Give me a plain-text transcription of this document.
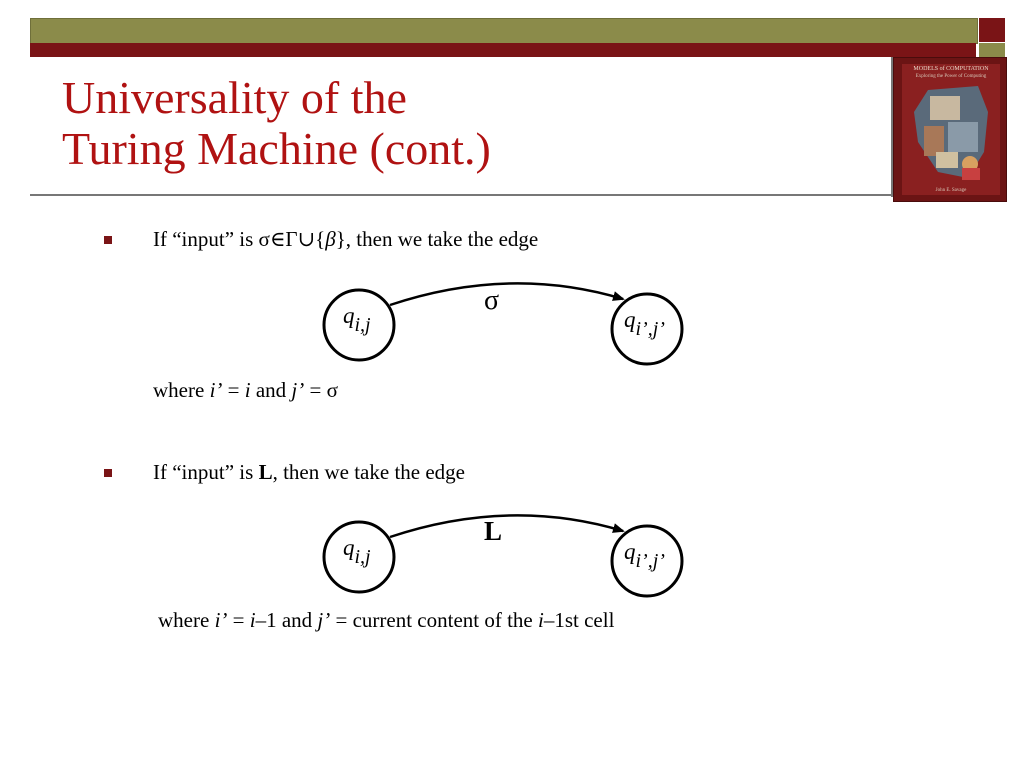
Universality of the
Turing Machine (cont.)
MODELS of COMPUTATION
Exploring the Power of Computing
John E. Savage
If “input” is σ∈Γ∪{β}, then we take the edge
σ
qi,j	qi’,j’
where i’ = i and j’ = σ
If “input” is L, then we take the edge
L
qi,j	qi’,j’
where i’ = i–1 and j’ = current content of the i–1st cell
